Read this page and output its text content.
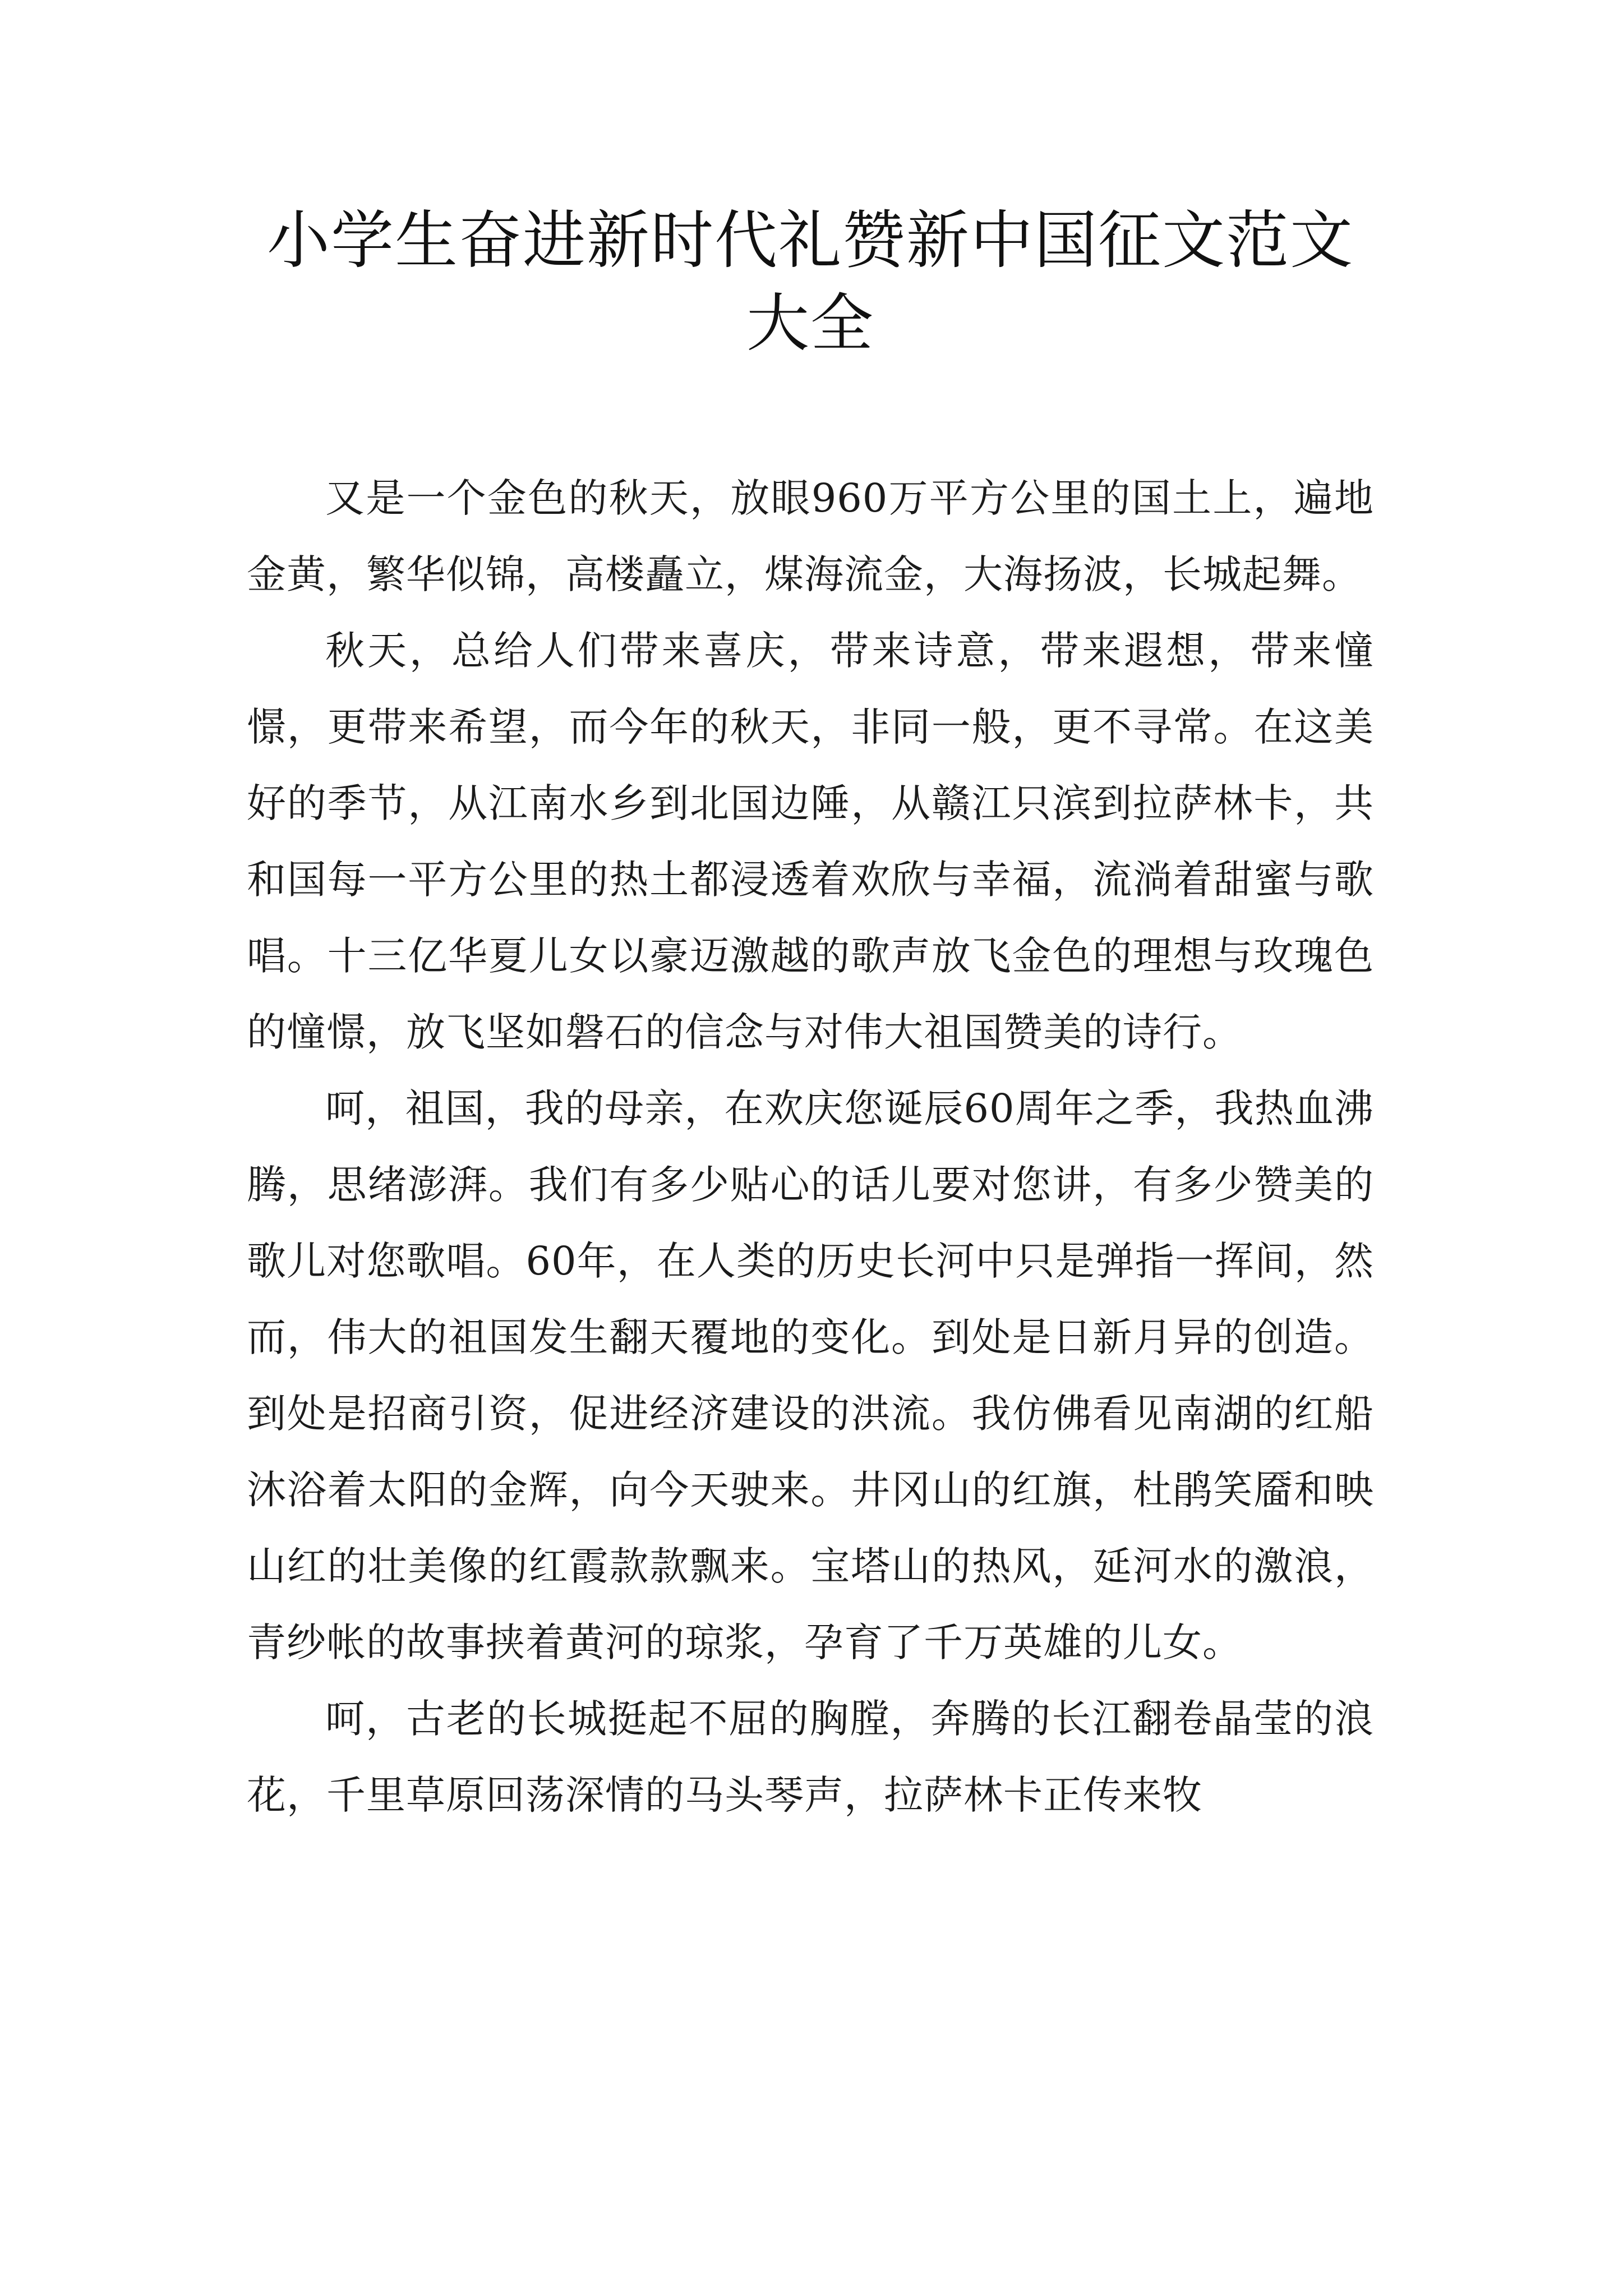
小学生奋进新时代礼赞新中国征文范文大全

又是一个金色的秋天，放眼960万平方公里的国土上，遍地金黄，繁华似锦，高楼矗立，煤海流金，大海扬波，长城起舞。

秋天，总给人们带来喜庆，带来诗意，带来遐想，带来憧憬，更带来希望，而今年的秋天，非同一般，更不寻常。在这美好的季节，从江南水乡到北国边陲，从赣江只滨到拉萨林卡，共和国每一平方公里的热土都浸透着欢欣与幸福，流淌着甜蜜与歌唱。十三亿华夏儿女以豪迈激越的歌声放飞金色的理想与玫瑰色的憧憬，放飞坚如磐石的信念与对伟大祖国赞美的诗行。

呵，祖国，我的母亲，在欢庆您诞辰60周年之季，我热血沸腾，思绪澎湃。我们有多少贴心的话儿要对您讲，有多少赞美的歌儿对您歌唱。60年，在人类的历史长河中只是弹指一挥间，然而，伟大的祖国发生翻天覆地的变化。到处是日新月异的创造。到处是招商引资，促进经济建设的洪流。我仿佛看见南湖的红船沐浴着太阳的金辉，向今天驶来。井冈山的红旗，杜鹃笑靥和映山红的壮美像的红霞款款飘来。宝塔山的热风，延河水的激浪，青纱帐的故事挟着黄河的琼浆，孕育了千万英雄的儿女。

呵，古老的长城挺起不屈的胸膛，奔腾的长江翻卷晶莹的浪花，千里草原回荡深情的马头琴声，拉萨林卡正传来牧
